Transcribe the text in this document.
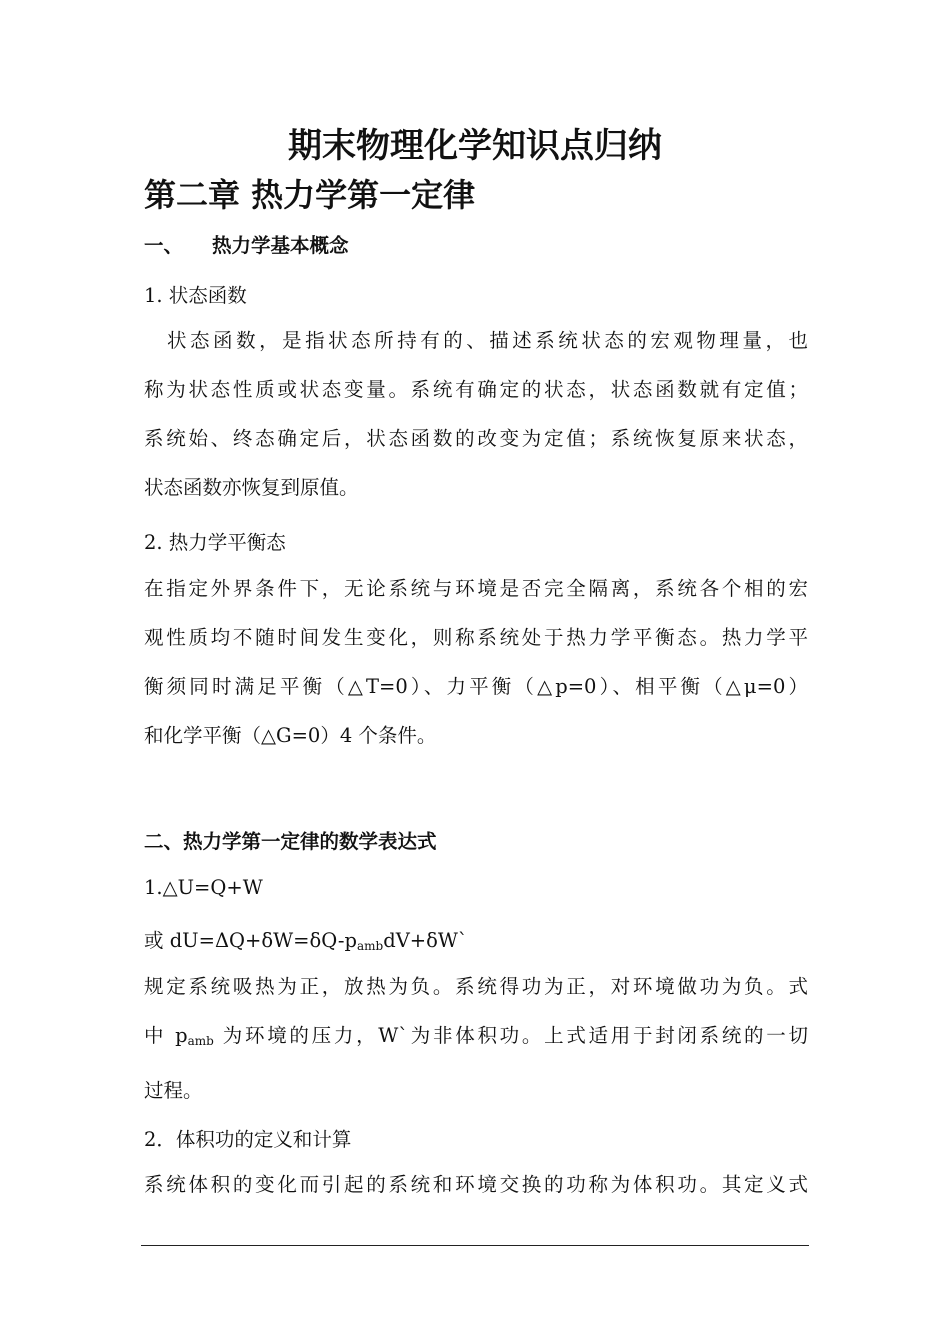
期末物理化学知识点归纳
第二章 热力学第一定律
一、 热力学基本概念
1. 状态函数
　状态函数，是指状态所持有的、描述系统状态的宏观物理量，也
称为状态性质或状态变量。系统有确定的状态，状态函数就有定值；
系统始、终态确定后，状态函数的改变为定值；系统恢复原来状态，
状态函数亦恢复到原值。
2. 热力学平衡态
在指定外界条件下，无论系统与环境是否完全隔离，系统各个相的宏
观性质均不随时间发生变化，则称系统处于热力学平衡态。热力学平
衡须同时满足平衡（△T=0）、力平衡（△p=0）、相平衡（△μ=0）
和化学平衡（△G=0）4 个条件。
二、热力学第一定律的数学表达式
1.△U=Q+W
或 $dU=\Delta Q+\delta W=\delta Q-p_{amb}dV+\delta W`$
规定系统吸热为正，放热为负。系统得功为正，对环境做功为负。式
中 $p_{amb}$ 为环境的压力，W`为非体积功。上式适用于封闭系统的一切
过程。
2．体积功的定义和计算
系统体积的变化而引起的系统和环境交换的功称为体积功。其定义式
